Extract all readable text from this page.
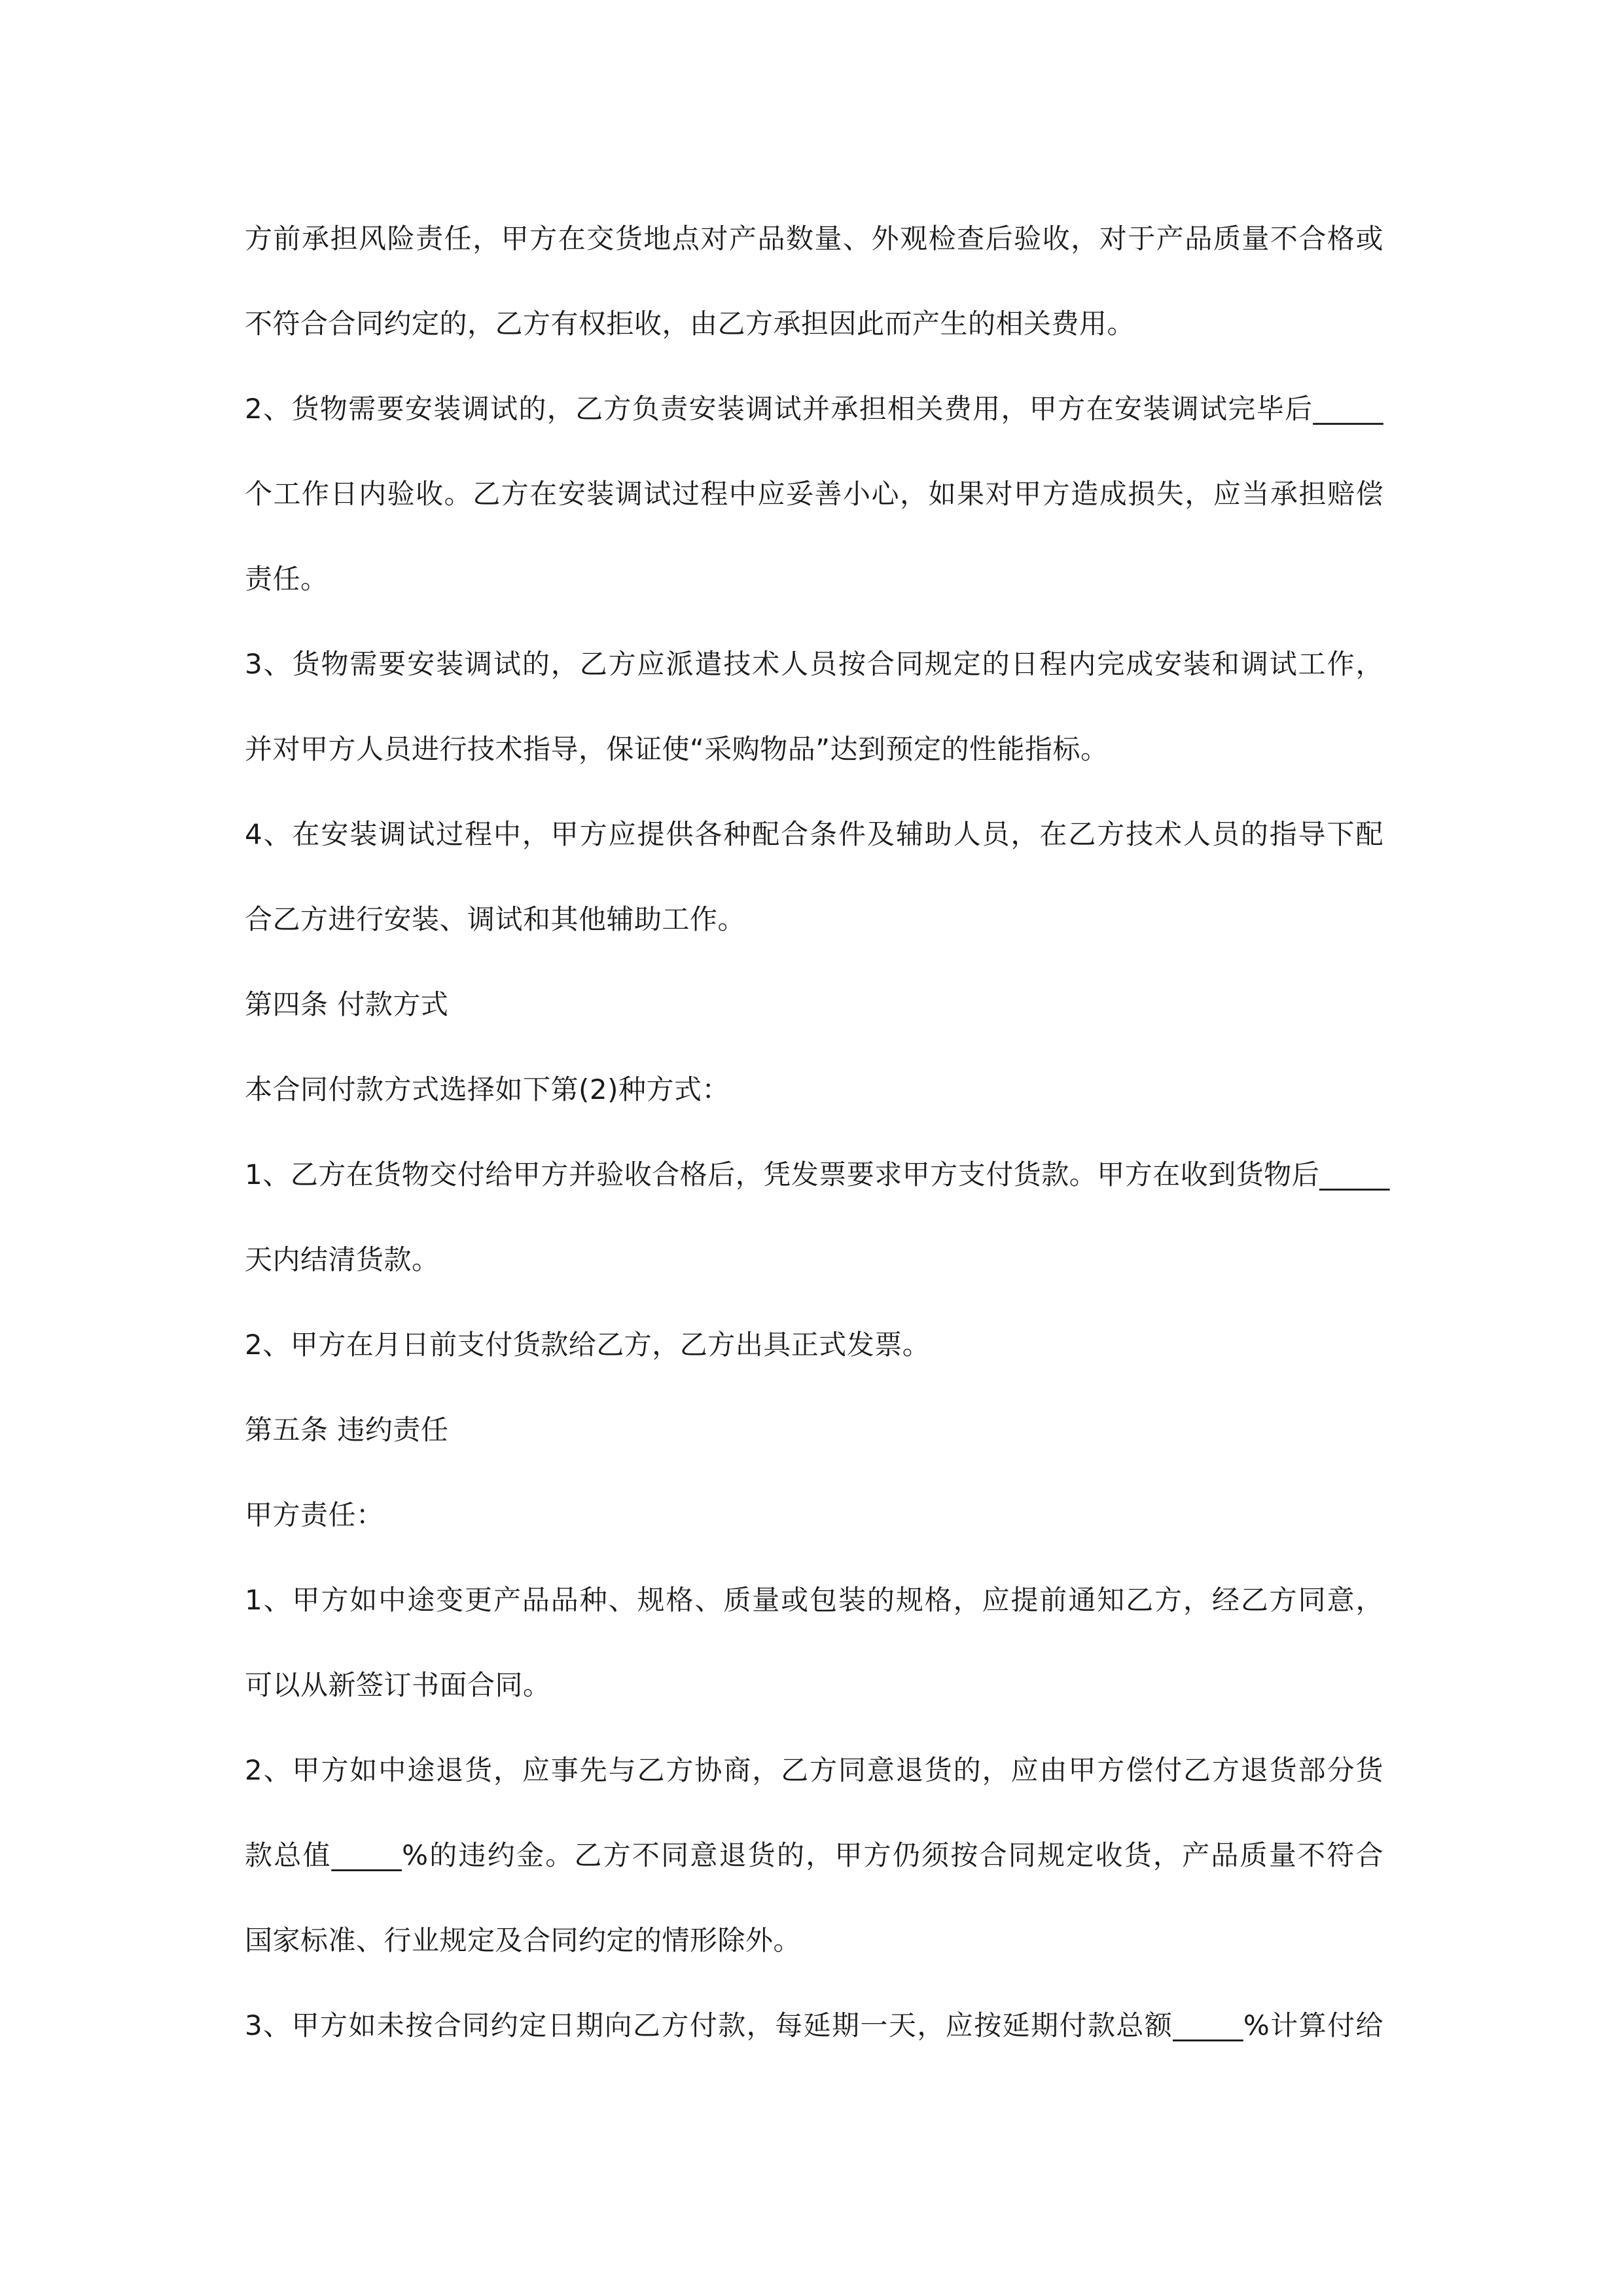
方前承担风险责任，甲方在交货地点对产品数量、外观检查后验收，对于产品质量不合格或
不符合合同约定的，乙方有权拒收，由乙方承担因此而产生的相关费用。
2、货物需要安装调试的，乙方负责安装调试并承担相关费用，甲方在安装调试完毕后_____
个工作日内验收。乙方在安装调试过程中应妥善小心，如果对甲方造成损失，应当承担赔偿
责任。
3、货物需要安装调试的，乙方应派遣技术人员按合同规定的日程内完成安装和调试工作，
并对甲方人员进行技术指导，保证使“采购物品”达到预定的性能指标。
4、在安装调试过程中，甲方应提供各种配合条件及辅助人员，在乙方技术人员的指导下配
合乙方进行安装、调试和其他辅助工作。
第四条 付款方式
本合同付款方式选择如下第(2)种方式：
1、乙方在货物交付给甲方并验收合格后，凭发票要求甲方支付货款。甲方在收到货物后_____
天内结清货款。
2、甲方在月日前支付货款给乙方，乙方出具正式发票。
第五条 违约责任
甲方责任：
1、甲方如中途变更产品品种、规格、质量或包装的规格，应提前通知乙方，经乙方同意，
可以从新签订书面合同。
2、甲方如中途退货，应事先与乙方协商，乙方同意退货的，应由甲方偿付乙方退货部分货
款总值_____%的违约金。乙方不同意退货的，甲方仍须按合同规定收货，产品质量不符合
国家标准、行业规定及合同约定的情形除外。
3、甲方如未按合同约定日期向乙方付款，每延期一天，应按延期付款总额_____%计算付给
